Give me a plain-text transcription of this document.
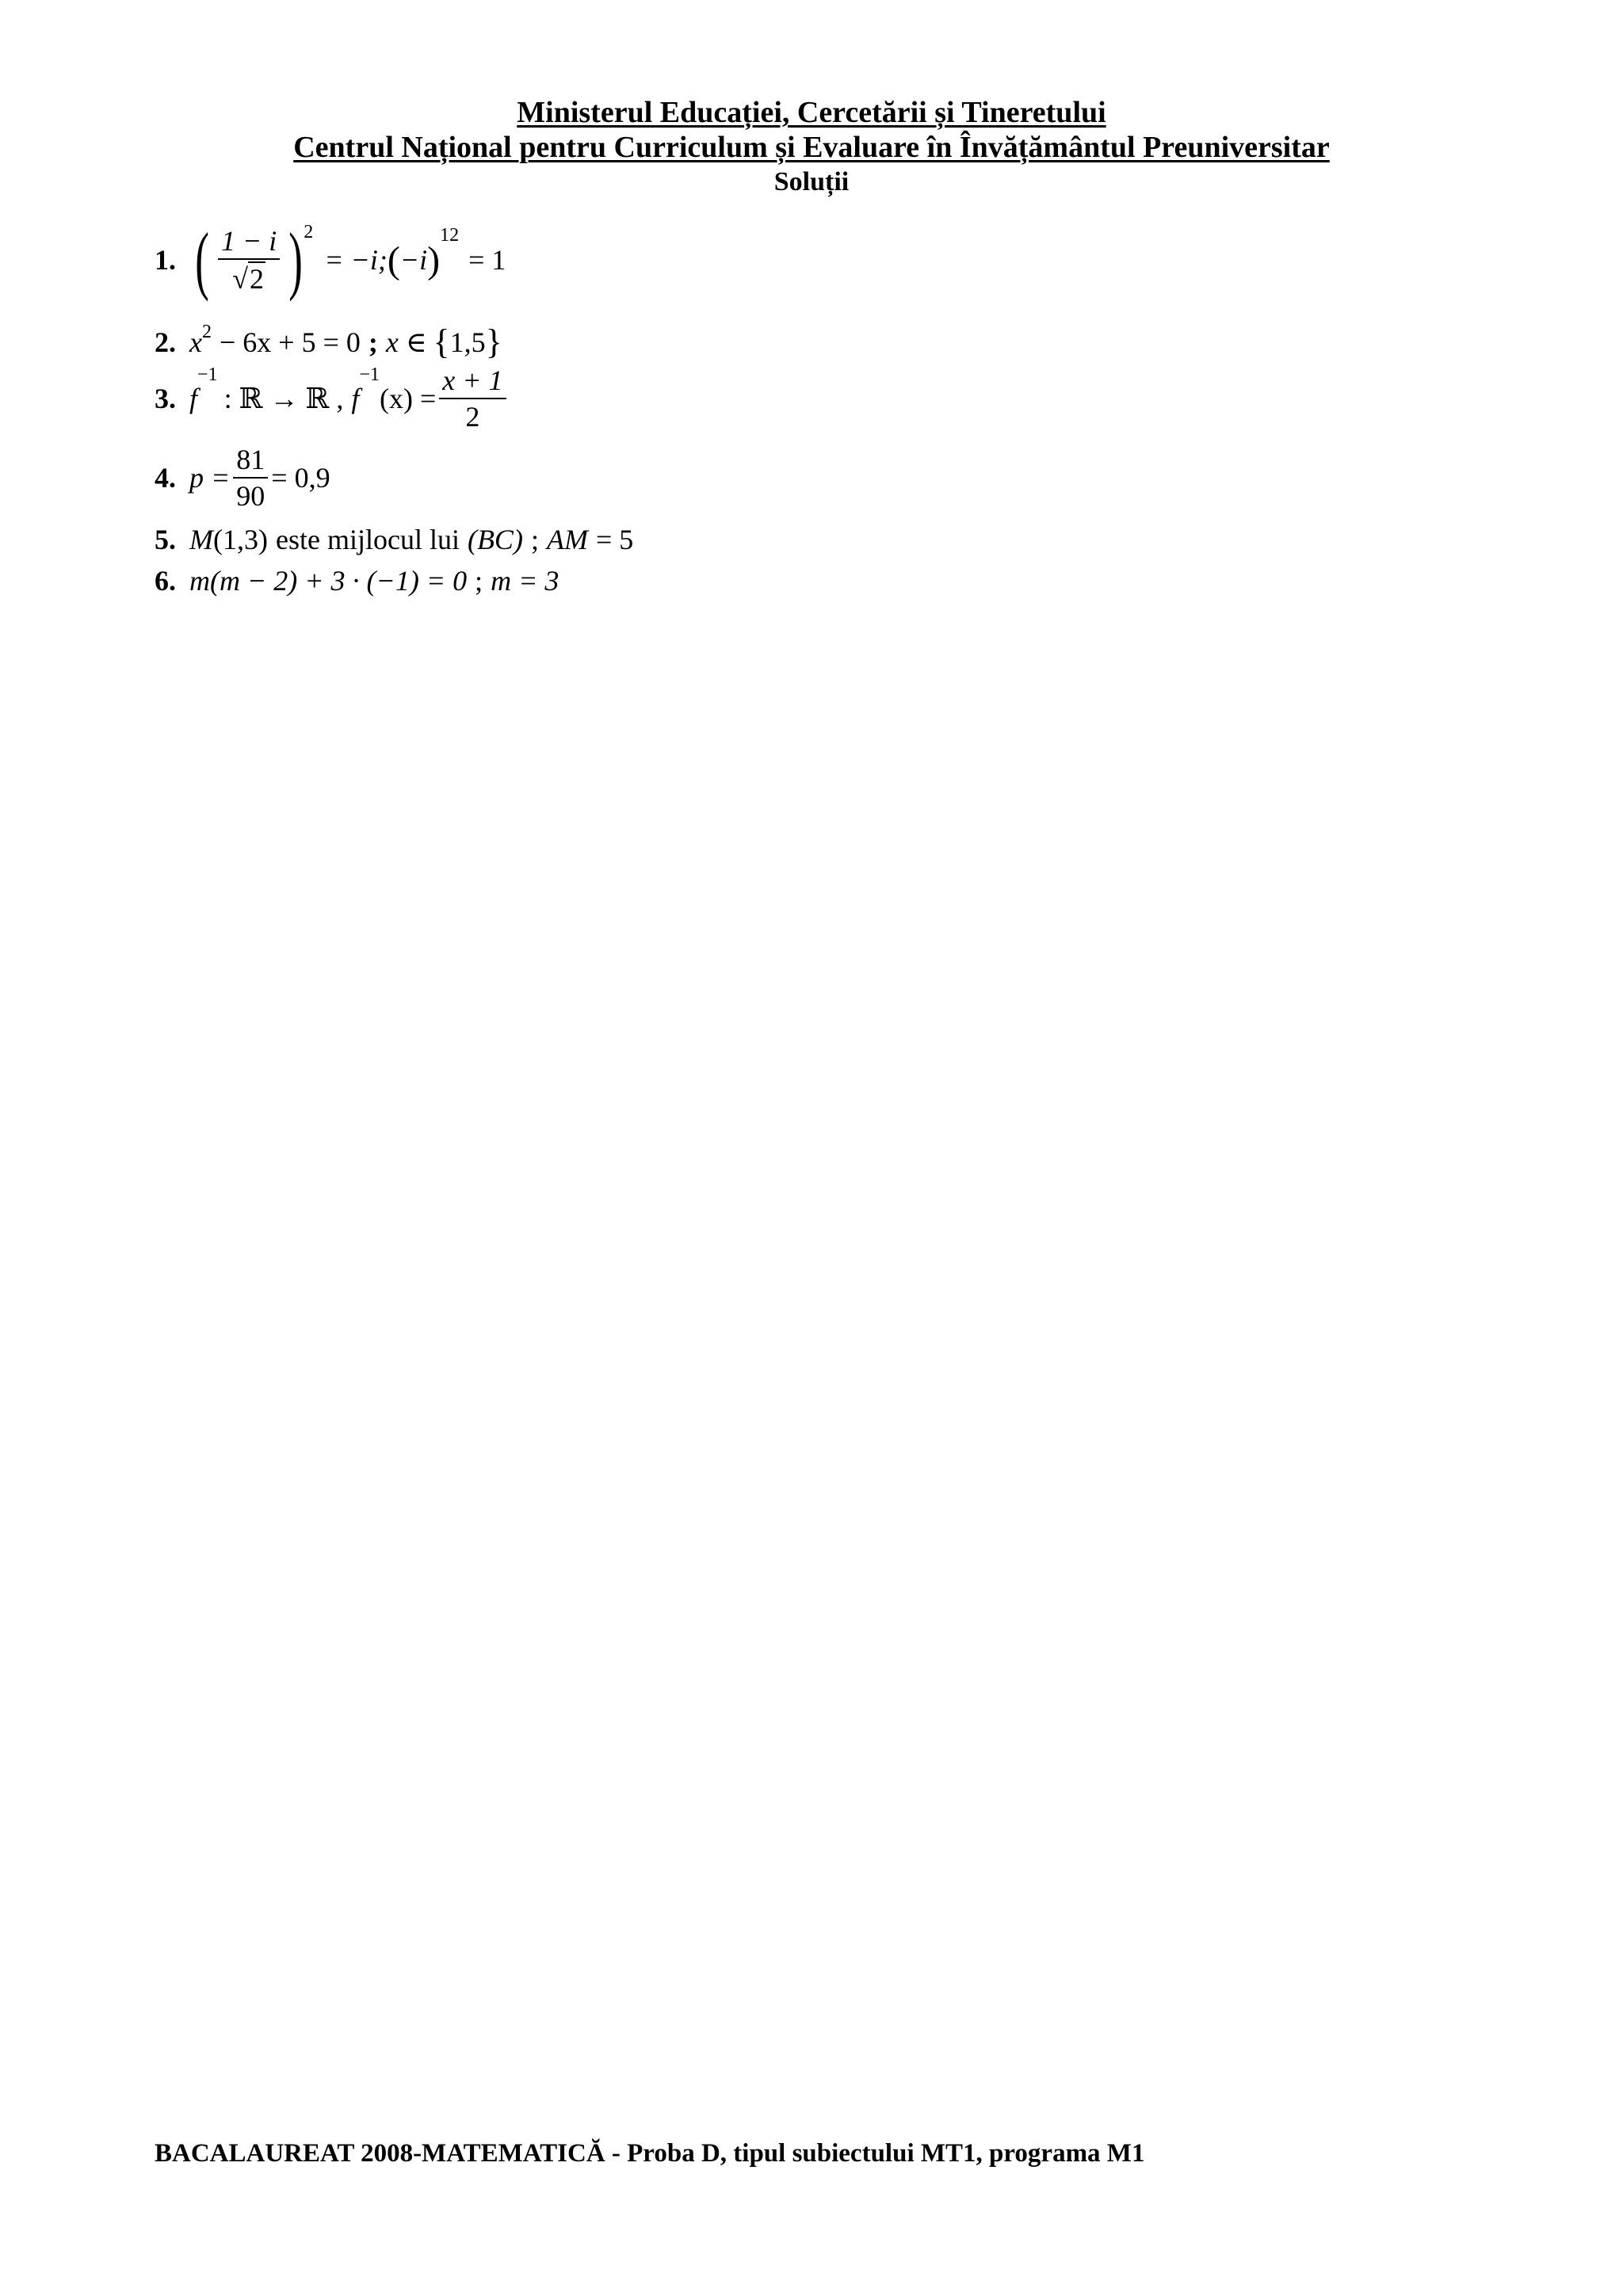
Ministerul Educației, Cercetării și Tineretului
Centrul Național pentru Curriculum și Evaluare în Învățământul Preuniversitar
Soluții
1. ( $\frac{1 - i}{√ 2} )^2$
= −i; ( −i )
$^{12}$
= 1
2. $x^2 - 6x + 5 = 0$ ; x ∈ { 1,5 }
3. f
$^{-1}$
: ℝ → ℝ , f
$^{-1}$
$(x) = \frac{x + 1}{2}$
4. $p = \frac{81}{90} = 0,9$
5. M (1,3) este mijlocul lui (BC) ; AM = 5
6. m(m − 2) + 3 · (−1) = 0 ; m = 3
BACALAUREAT 2008-MATEMATICĂ - Proba D, tipul subiectului MT1, programa M1
